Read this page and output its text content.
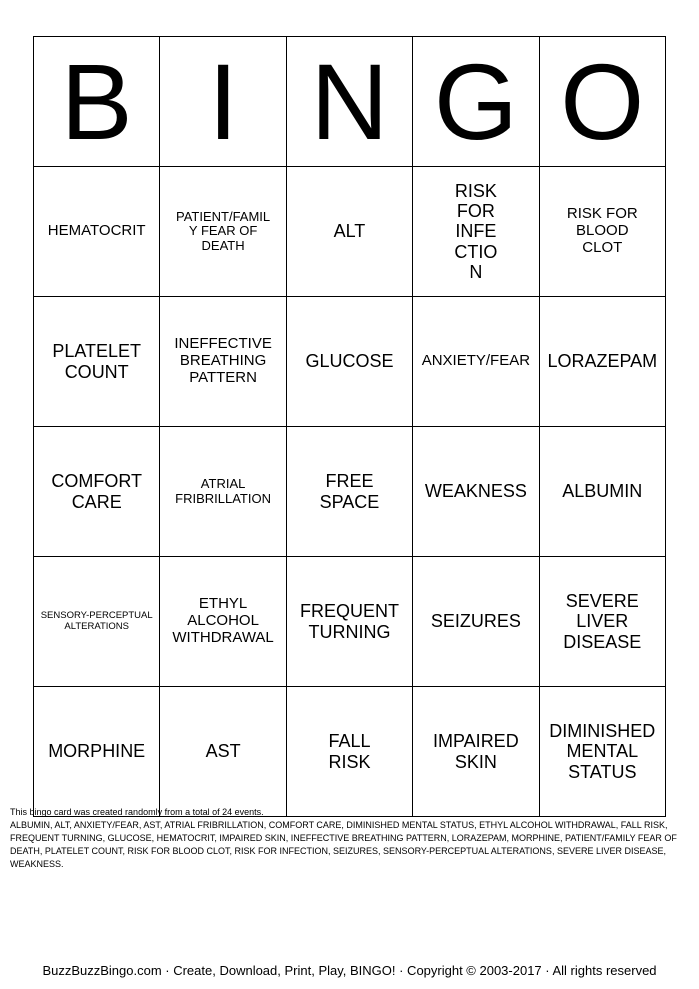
B	I	N	G	O
HEMATOCRIT	PATIENT/FAMILY FEAR OF DEATH	ALT	RISK FOR INFECTION	RISK FOR BLOOD CLOT
PLATELET COUNT	INEFFECTIVE BREATHING PATTERN	GLUCOSE	ANXIETY/FEAR	LORAZEPAM
COMFORT CARE	ATRIAL FRIBRILLATION	FREE SPACE	WEAKNESS	ALBUMIN
SENSORY-PERCEPTUAL ALTERATIONS	ETHYL ALCOHOL WITHDRAWAL	FREQUENT TURNING	SEIZURES	SEVERE LIVER DISEASE
MORPHINE	AST	FALL RISK	IMPAIRED SKIN	DIMINISHED MENTAL STATUS
This bingo card was created randomly from a total of 24 events.
ALBUMIN, ALT, ANXIETY/FEAR, AST, ATRIAL FRIBRILLATION, COMFORT CARE, DIMINISHED MENTAL STATUS, ETHYL ALCOHOL WITHDRAWAL, FALL RISK, FREQUENT TURNING, GLUCOSE, HEMATOCRIT, IMPAIRED SKIN, INEFFECTIVE BREATHING PATTERN, LORAZEPAM, MORPHINE, PATIENT/FAMILY FEAR OF DEATH, PLATELET COUNT, RISK FOR BLOOD CLOT, RISK FOR INFECTION, SEIZURES, SENSORY-PERCEPTUAL ALTERATIONS, SEVERE LIVER DISEASE, WEAKNESS.
BuzzBuzzBingo.com · Create, Download, Print, Play, BINGO! · Copyright © 2003-2017 · All rights reserved
